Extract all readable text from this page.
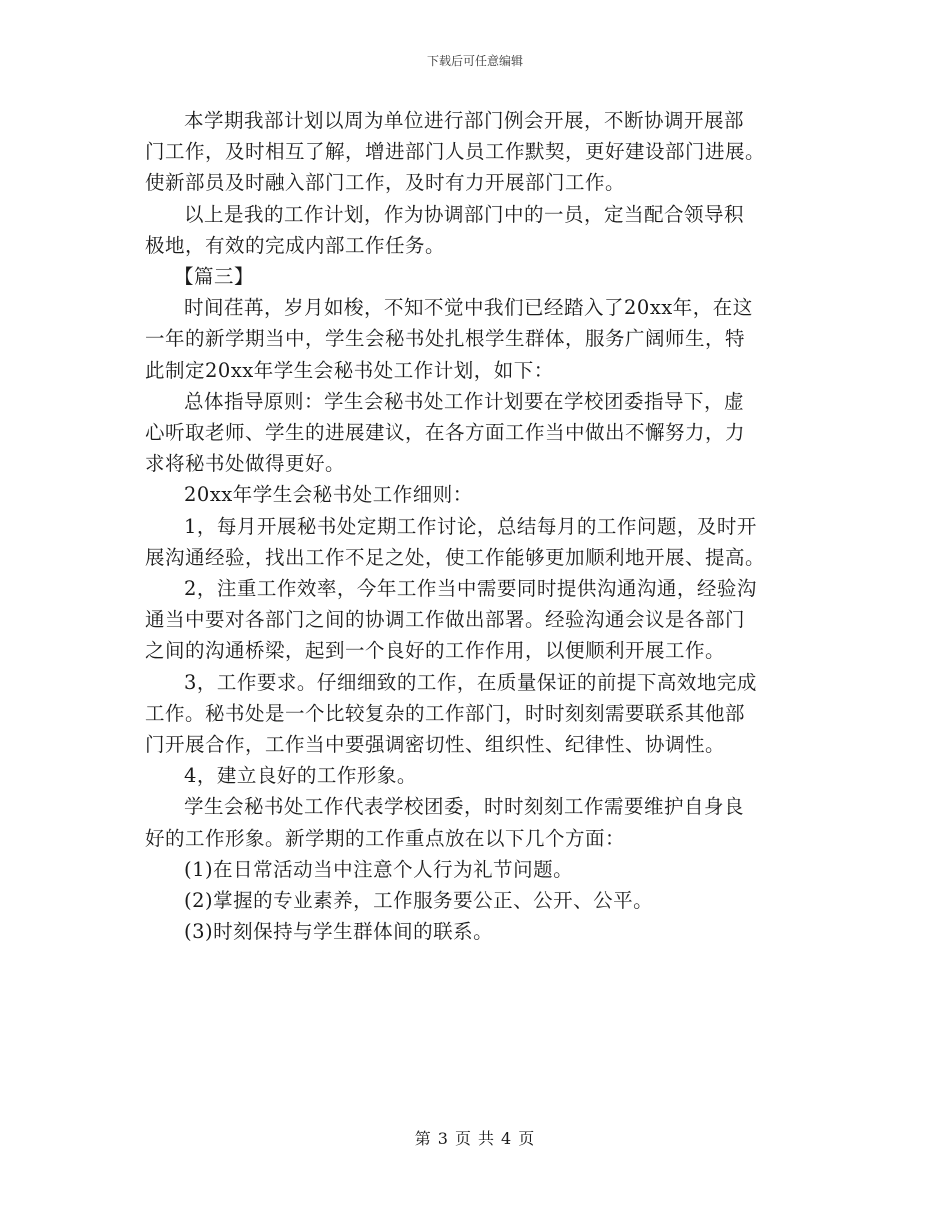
下载后可任意编辑

本学期我部计划以周为单位进行部门例会开展，不断协调开展部
门工作，及时相互了解，增进部门人员工作默契，更好建设部门进展。
使新部员及时融入部门工作，及时有力开展部门工作。

以上是我的工作计划，作为协调部门中的一员，定当配合领导积
极地，有效的完成内部工作任务。

【篇三】

时间荏苒，岁月如梭，不知不觉中我们已经踏入了20xx年，在这
一年的新学期当中，学生会秘书处扎根学生群体，服务广阔师生，特
此制定20xx年学生会秘书处工作计划，如下：

总体指导原则：学生会秘书处工作计划要在学校团委指导下，虚
心听取老师、学生的进展建议，在各方面工作当中做出不懈努力，力
求将秘书处做得更好。

20xx年学生会秘书处工作细则：

1，每月开展秘书处定期工作讨论，总结每月的工作问题，及时开
展沟通经验，找出工作不足之处，使工作能够更加顺利地开展、提高。

2，注重工作效率，今年工作当中需要同时提供沟通沟通，经验沟
通当中要对各部门之间的协调工作做出部署。经验沟通会议是各部门
之间的沟通桥梁，起到一个良好的工作作用，以便顺利开展工作。

3，工作要求。仔细细致的工作，在质量保证的前提下高效地完成
工作。秘书处是一个比较复杂的工作部门，时时刻刻需要联系其他部
门开展合作，工作当中要强调密切性、组织性、纪律性、协调性。

4，建立良好的工作形象。

学生会秘书处工作代表学校团委，时时刻刻工作需要维护自身良
好的工作形象。新学期的工作重点放在以下几个方面：

(1)在日常活动当中注意个人行为礼节问题。

(2)掌握的专业素养，工作服务要公正、公开、公平。

(3)时刻保持与学生群体间的联系。

第 3 页 共 4 页
